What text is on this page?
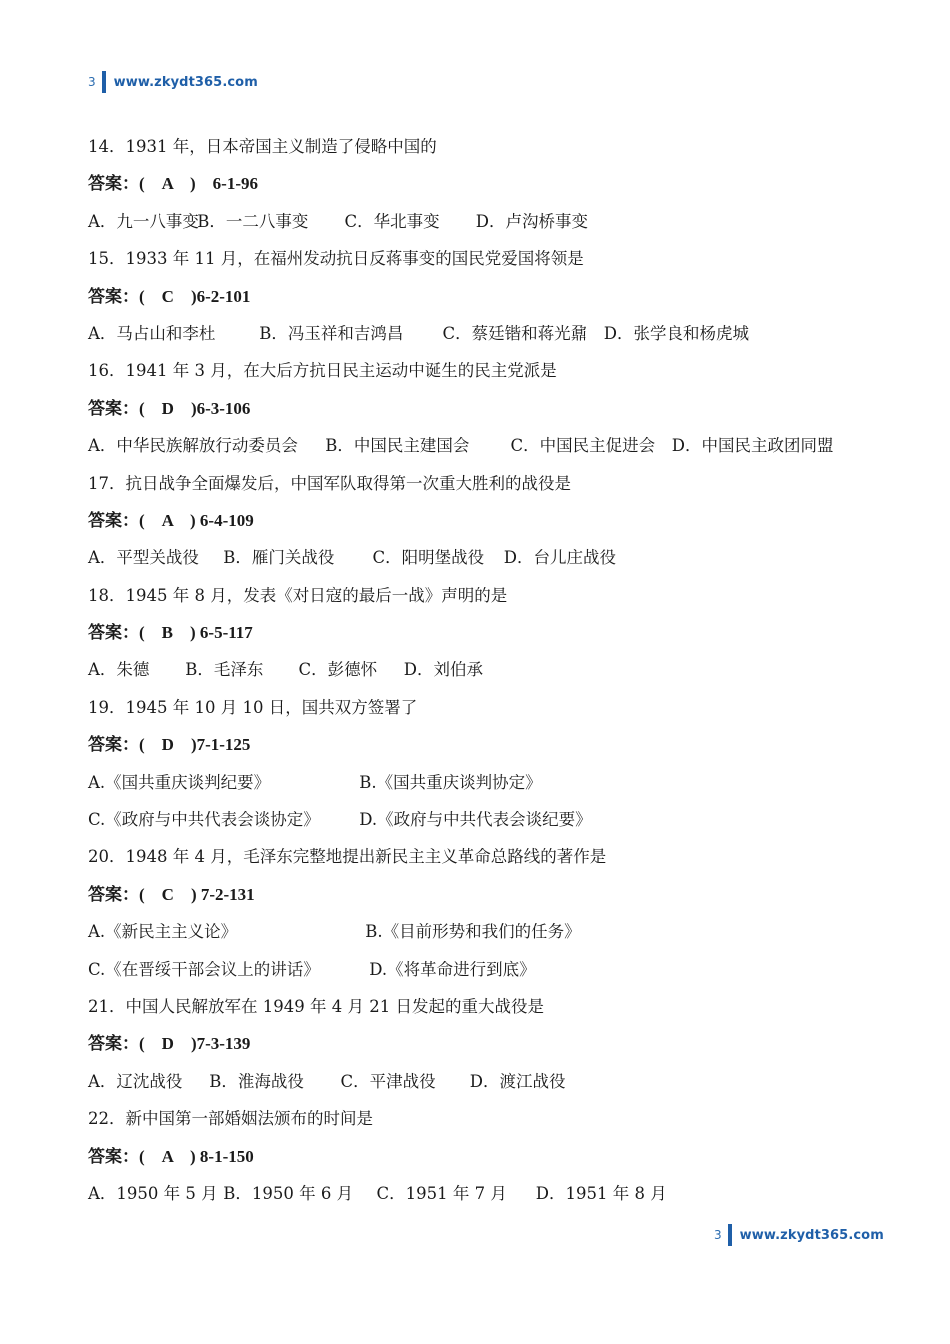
3 www.zkydt365.com
14．1931 年，日本帝国主义制造了侵略中国的
答案：(　A　)　6-1-96
A．九一八事变 B．一二八事变 C．华北事变 D．卢沟桥事变
15．1933 年 11 月，在福州发动抗日反蒋事变的国民党爱国将领是
答案：(　C　)6-2-101
A．马占山和李杜	B．冯玉祥和吉鸿昌 C．蔡廷锴和蒋光鼐 D．张学良和杨虎城
16．1941 年 3 月，在大后方抗日民主运动中诞生的民主党派是
答案：(　D　)6-3-106
A．中华民族解放行动委员会 B．中国民主建国会 C．中国民主促进会 D．中国民主政团同盟
17．抗日战争全面爆发后，中国军队取得第一次重大胜利的战役是
答案：(　A　) 6-4-109
A．平型关战役 B．雁门关战役 C．阳明堡战役 D．台儿庄战役
18．1945 年 8 月，发表《对日寇的最后一战》声明的是
答案：(　B　) 6-5-117
A．朱德 B．毛泽东 C．彭德怀 D．刘伯承
19．1945 年 10 月 10 日，国共双方签署了
答案：(　D　)7-1-125
A.《国共重庆谈判纪要》	B.《国共重庆谈判协定》
C.《政府与中共代表会谈协定》 D.《政府与中共代表会谈纪要》
20．1948 年 4 月，毛泽东完整地提出新民主主义革命总路线的著作是
答案：(　C　) 7-2-131
A.《新民主主义论》	B.《目前形势和我们的任务》
C.《在晋绥干部会议上的讲话》	D.《将革命进行到底》
21．中国人民解放军在 1949 年 4 月 21 日发起的重大战役是
答案：(　D　)7-3-139
A．辽沈战役 B．淮海战役 C．平津战役 D．渡江战役
22．新中国第一部婚姻法颁布的时间是
答案：(　A　) 8-1-150
A．1950 年 5 月 B．1950 年 6 月 C．1951 年 7 月 D．1951 年 8 月
3 www.zkydt365.com
